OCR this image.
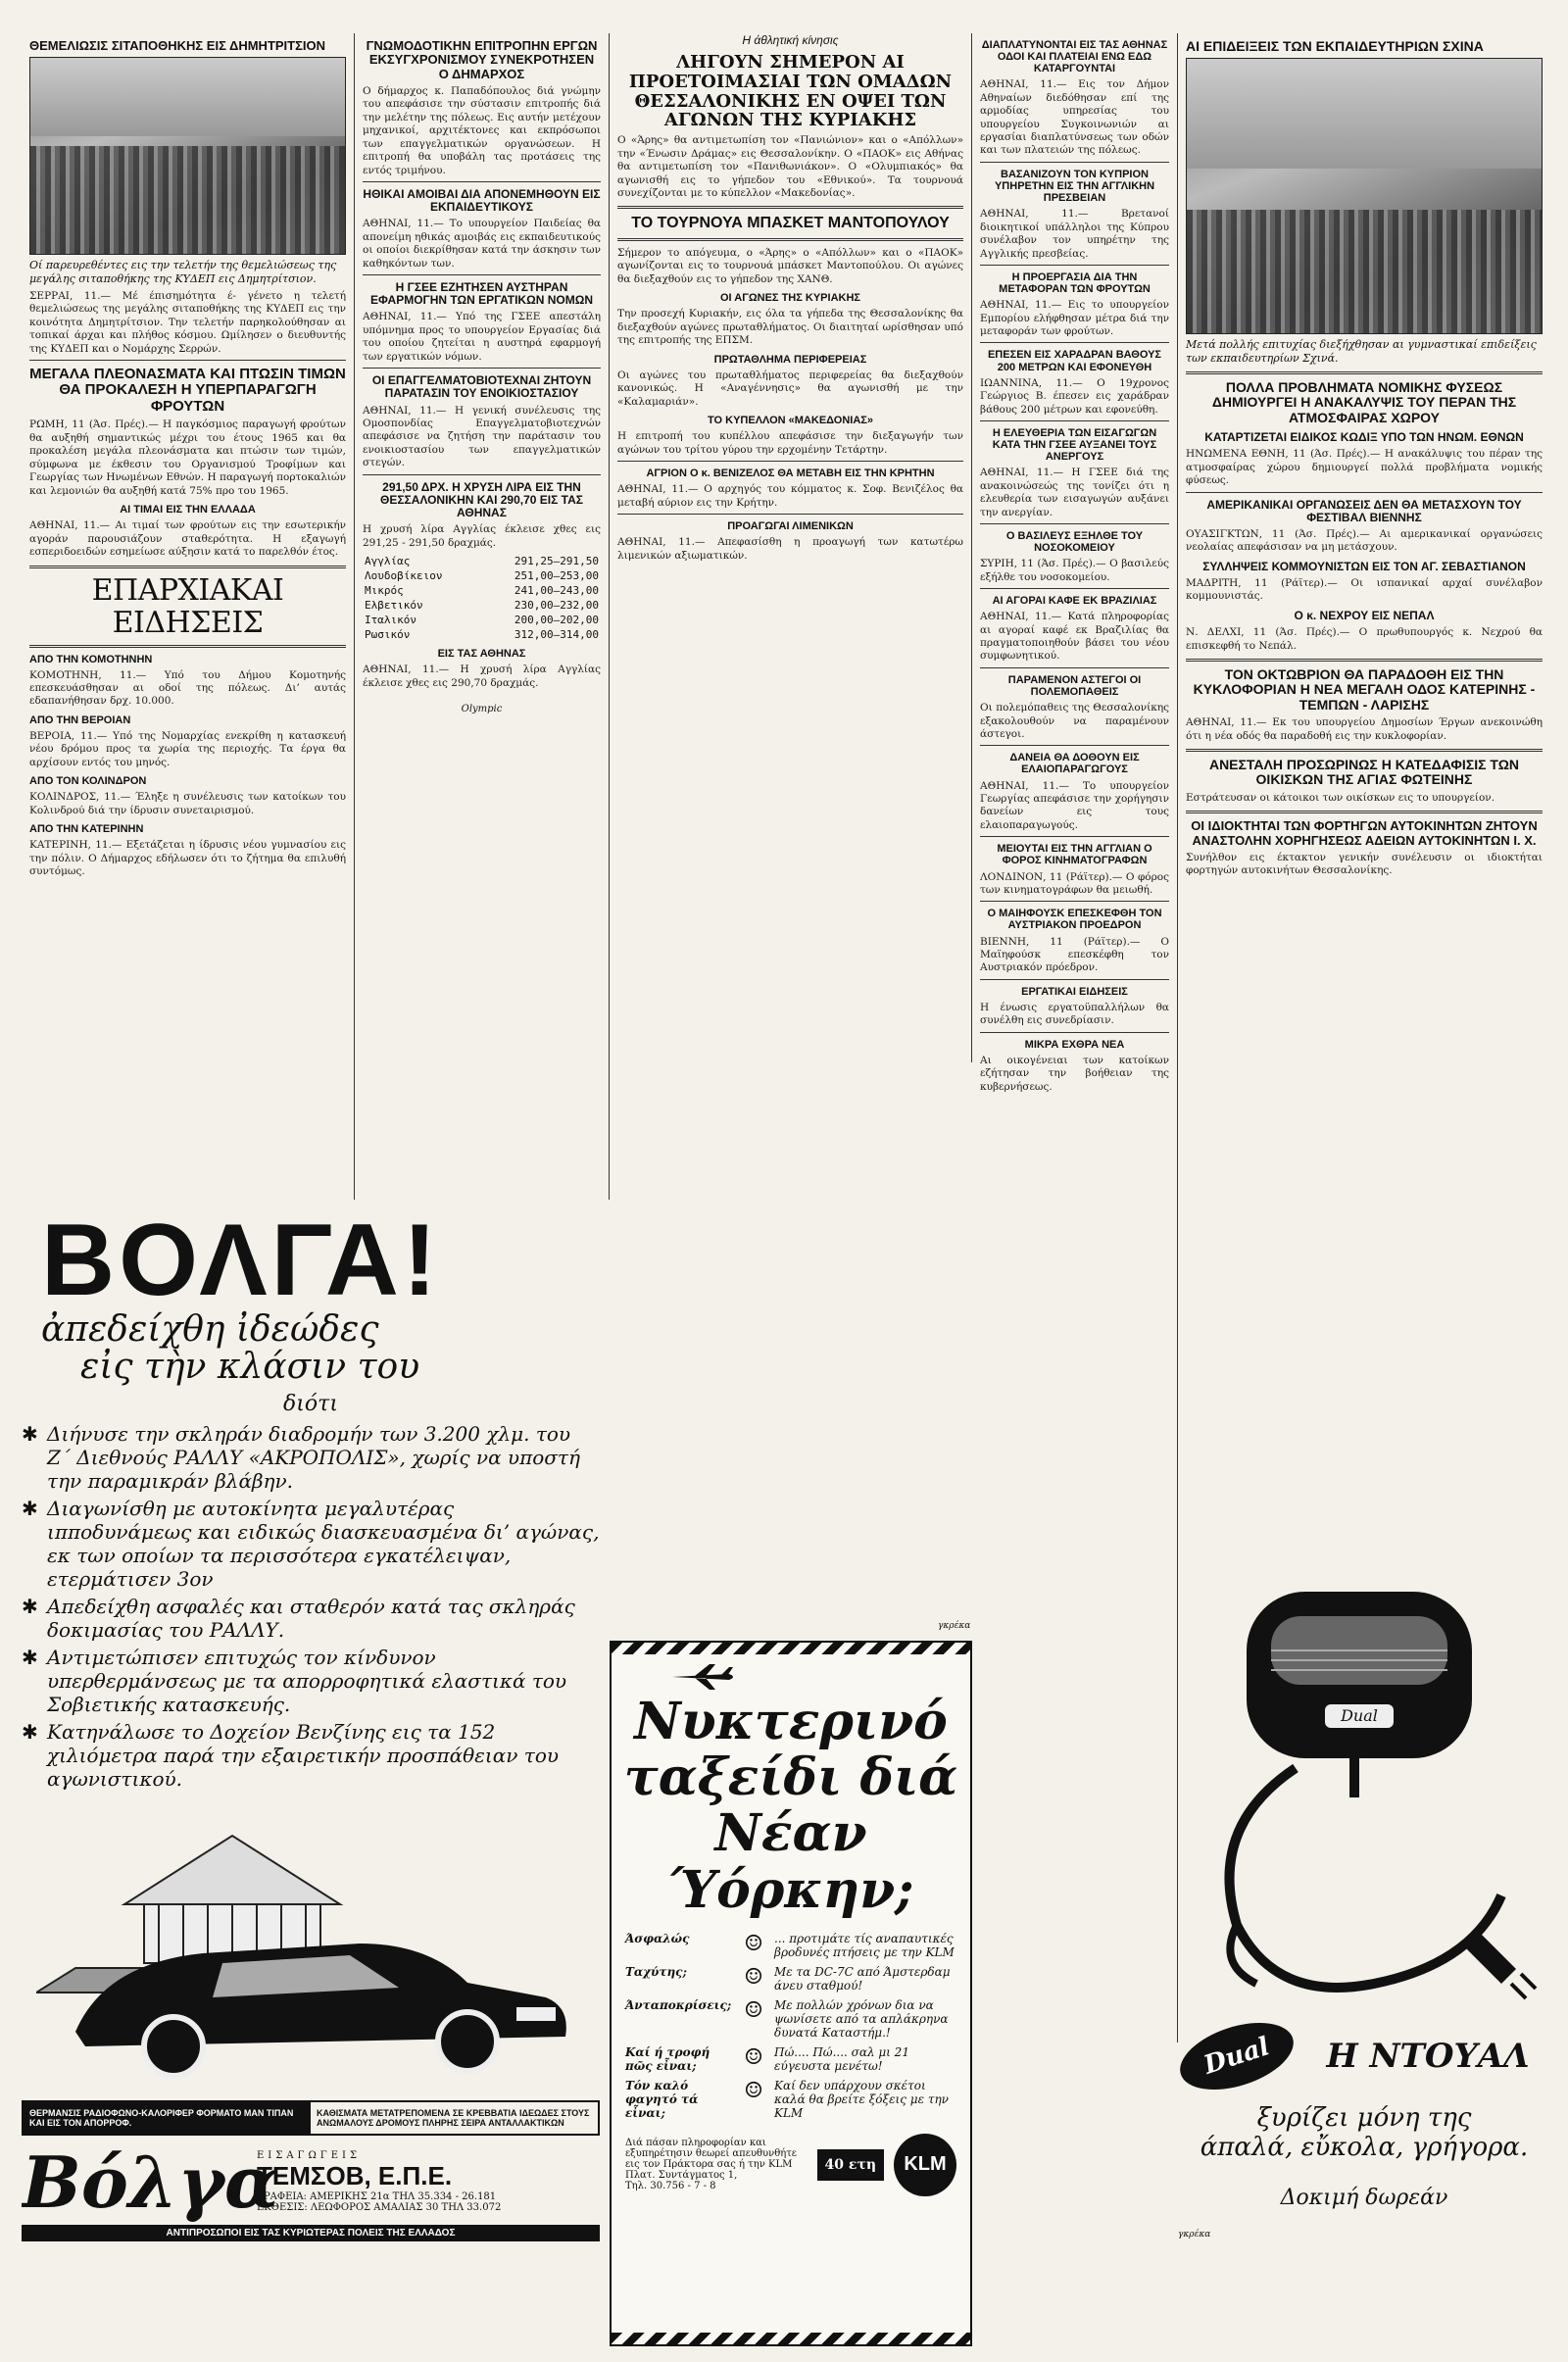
ΘΕΜΕΛΙΩΣΙΣ ΣΙΤΑΠΟΘΗΚΗΣ ΕΙΣ ΔΗΜΗΤΡΙΤΣΙΟΝ
Οί παρευρεθέντες εις την τελετήν της θεμελιώσεως της μεγάλης σιταποθήκης της ΚΥΔΕΠ εις Δημητρίτσιον.
ΣΕΡΡΑΙ, 11.— Μέ έπισημότητα έ- γένετο η τελετή θεμελιώσεως της μεγάλης σιταποθήκης της ΚΥΔΕΠ εις την κοινότητα Δημητρίτσιον. Την τελετήν παρηκολούθησαν αι τοπικαί άρχαι και πλήθος κόσμου. Ωμίλησεν ο διευθυντής της ΚΥΔΕΠ και ο Νομάρχης Σερρών.
ΜΕΓΑΛΑ ΠΛΕΟΝΑΣΜΑΤΑ ΚΑΙ ΠΤΩΣΙΝ ΤΙΜΩΝ ΘΑ ΠΡΟΚΑΛΕΣΗ Η ΥΠΕΡΠΑΡΑΓΩΓΗ ΦΡΟΥΤΩΝ
ΡΩΜΗ, 11 (Άσ. Πρές).— Η παγκόσμιος παραγωγή φρούτων θα αυξηθή σημαντικώς μέχρι του έτους 1965 και θα προκαλέση μεγάλα πλεονάσματα και πτώσιν των τιμών, σύμφωνα με έκθεσιν του Οργανισμού Τροφίμων και Γεωργίας των Ηνωμένων Εθνών. Η παραγωγή πορτοκαλιών και λεμονιών θα αυξηθή κατά 75% προ του 1965.
ΑΙ ΤΙΜΑΙ ΕΙΣ ΤΗΝ ΕΛΛΑΔΑ
ΑΘΗΝΑΙ, 11.— Αι τιμαί των φρούτων εις την εσωτερικήν αγοράν παρουσιάζουν σταθερότητα. Η εξαγωγή εσπεριδοειδών εσημείωσε αύξησιν κατά το παρελθόν έτος.
ΕΠΑΡΧΙΑΚΑΙ ΕΙΔΗΣΕΙΣ
ΑΠΟ ΤΗΝ ΚΟΜΟΤΗΝΗΝ
ΚΟΜΟΤΗΝΗ, 11.— Υπό του Δήμου Κομοτηνής επεσκευάσθησαν αι οδοί της πόλεως. Δι’ αυτάς εδαπανήθησαν δρχ. 10.000.
ΑΠΟ ΤΗΝ ΒΕΡΟΙΑΝ
ΒΕΡΟΙΑ, 11.— Υπό της Νομαρχίας ενεκρίθη η κατασκευή νέου δρόμου προς τα χωρία της περιοχής. Τα έργα θα αρχίσουν εντός του μηνός.
ΑΠΟ ΤΟΝ ΚΟΛΙΝΔΡΟΝ
ΚΟΛΙΝΔΡΟΣ, 11.— Έληξε η συνέλευσις των κατοίκων του Κολινδρού διά την ίδρυσιν συνεταιρισμού.
ΑΠΟ ΤΗΝ ΚΑΤΕΡΙΝΗΝ
ΚΑΤΕΡΙΝΗ, 11.— Εξετάζεται η ίδρυσις νέου γυμνασίου εις την πόλιν. Ο Δήμαρχος εδήλωσεν ότι το ζήτημα θα επιλυθή συντόμως.
ΓΝΩΜΟΔΟΤΙΚΗΝ ΕΠΙΤΡΟΠΗΝ ΕΡΓΩΝ ΕΚΣΥΓΧΡΟΝΙΣΜΟΥ ΣΥΝΕΚΡΟΤΗΣΕΝ Ο ΔΗΜΑΡΧΟΣ
Ο δήμαρχος κ. Παπαδόπουλος διά γνώμην του απεφάσισε την σύστασιν επιτροπής διά την μελέτην της πόλεως. Εις αυτήν μετέχουν μηχανικοί, αρχιτέκτονες και εκπρόσωποι των επαγγελματικών οργανώσεων. Η επιτροπή θα υποβάλη τας προτάσεις της εντός τριμήνου.
ΗΘΙΚΑΙ ΑΜΟΙΒΑΙ ΔΙΑ ΑΠΟΝΕΜΗΘΟΥΝ ΕΙΣ ΕΚΠΑΙΔΕΥΤΙΚΟΥΣ
ΑΘΗΝΑΙ, 11.— Το υπουργείον Παιδείας θα απονείμη ηθικάς αμοιβάς εις εκπαιδευτικούς οι οποίοι διεκρίθησαν κατά την άσκησιν των καθηκόντων των.
Η ΓΣΕΕ ΕΖΗΤΗΣΕΝ ΑΥΣΤΗΡΑΝ ΕΦΑΡΜΟΓΗΝ ΤΩΝ ΕΡΓΑΤΙΚΩΝ ΝΟΜΩΝ
ΑΘΗΝΑΙ, 11.— Υπό της ΓΣΕΕ απεστάλη υπόμνημα προς το υπουργείον Εργασίας διά του οποίου ζητείται η αυστηρά εφαρμογή των εργατικών νόμων.
ΟΙ ΕΠΑΓΓΕΛΜΑΤΟΒΙΟΤΕΧΝΑΙ ΖΗΤΟΥΝ ΠΑΡΑΤΑΣΙΝ ΤΟΥ ΕΝΟΙΚΙΟΣΤΑΣΙΟΥ
ΑΘΗΝΑΙ, 11.— Η γενική συνέλευσις της Ομοσπονδίας Επαγγελματοβιοτεχνών απεφάσισε να ζητήση την παράτασιν του ενοικιοστασίου των επαγγελματικών στεγών.
291,50 ΔΡΧ. Η ΧΡΥΣΗ ΛΙΡΑ ΕΙΣ ΤΗΝ ΘΕΣΣΑΛΟΝΙΚΗΝ ΚΑΙ 290,70 ΕΙΣ ΤΑΣ ΑΘΗΝΑΣ
Η χρυσή λίρα Αγγλίας έκλεισε χθες εις 291,25 - 291,50 δραχμάς.
Αγγλίας	291,25—291,50
Λουδοβίκειον	251,00—253,00
Μικρός	241,00—243,00
Ελβετικόν	230,00—232,00
Ιταλικόν	200,00—202,00
Ρωσικόν	312,00—314,00
ΕΙΣ ΤΑΣ ΑΘΗΝΑΣ
ΑΘΗΝΑΙ, 11.— Η χρυσή λίρα Αγγλίας έκλεισε χθες εις 290,70 δραχμάς.
Olympic
Η άθλητική κίνησις
ΛΗΓΟΥΝ ΣΗΜΕΡΟΝ ΑΙ ΠΡΟΕΤΟΙΜΑΣΙΑΙ ΤΩΝ ΟΜΑΔΩΝ ΘΕΣΣΑΛΟΝΙΚΗΣ ΕΝ ΟΨΕΙ ΤΩΝ ΑΓΩΝΩΝ ΤΗΣ ΚΥΡΙΑΚΗΣ
Ο «Άρης» θα αντιμετωπίση τον «Πανιώνιον» και ο «Απόλλων» την «Ένωσιν Δράμας» εις Θεσσαλονίκην. Ο «ΠΑΟΚ» εις Αθήνας θα αντιμετωπίση τον «Πανιθωνιάκον». Ο «Ολυμπιακός» θα αγωνισθή εις το γήπεδον του «Εθνικού». Τα τουρνουά συνεχίζονται με το κύπελλον «Μακεδονίας».
ΤΟ ΤΟΥΡΝΟΥΑ ΜΠΑΣΚΕΤ ΜΑΝΤΟΠΟΥΛΟΥ
Σήμερον το απόγευμα, ο «Άρης» ο «Απόλλων» και ο «ΠΑΟΚ» αγωνίζονται εις το τουρνουά μπάσκετ Μαντοπούλου. Οι αγώνες θα διεξαχθούν εις το γήπεδον της ΧΑΝΘ.
ΟΙ ΑΓΩΝΕΣ ΤΗΣ ΚΥΡΙΑΚΗΣ
Την προσεχή Κυριακήν, εις όλα τα γήπεδα της Θεσσαλονίκης θα διεξαχθούν αγώνες πρωταθλήματος. Οι διαιτηταί ωρίσθησαν υπό της επιτροπής της ΕΠΣΜ.
ΠΡΩΤΑΘΛΗΜΑ ΠΕΡΙΦΕΡΕΙΑΣ
Οι αγώνες του πρωταθλήματος περιφερείας θα διεξαχθούν κανονικώς. Η «Αναγέννησις» θα αγωνισθή με την «Καλαμαριάν».
ΤΟ ΚΥΠΕΛΛΟΝ «ΜΑΚΕΔΟΝΙΑΣ»
Η επιτροπή του κυπέλλου απεφάσισε την διεξαγωγήν των αγώνων του τρίτου γύρου την ερχομένην Τετάρτην.
ΑΓΡΙΟΝ Ο κ. ΒΕΝΙΖΕΛΟΣ ΘΑ ΜΕΤΑΒΗ ΕΙΣ ΤΗΝ ΚΡΗΤΗΝ
ΑΘΗΝΑΙ, 11.— Ο αρχηγός του κόμματος κ. Σοφ. Βενιζέλος θα μεταβή αύριον εις την Κρήτην.
ΠΡΟΑΓΩΓΑΙ ΛΙΜΕΝΙΚΩΝ
ΑΘΗΝΑΙ, 11.— Απεφασίσθη η προαγωγή των κατωτέρω λιμενικών αξιωματικών.
ΔΙΑΠΛΑΤΥΝΟΝΤΑΙ ΕΙΣ ΤΑΣ ΑΘΗΝΑΣ ΟΔΟΙ ΚΑΙ ΠΛΑΤΕΙΑΙ ΕΝΩ ΕΔΩ ΚΑΤΑΡΓΟΥΝΤΑΙ
ΑΘΗΝΑΙ, 11.— Εις τον Δήμον Αθηναίων διεδόθησαν επί της αρμοδίας υπηρεσίας του υπουργείου Συγκοινωνιών αι εργασίαι διαπλατύνσεως των οδών και των πλατειών της πόλεως.
ΒΑΣΑΝΙΖΟΥΝ ΤΟΝ ΚΥΠΡΙΟΝ ΥΠΗΡΕΤΗΝ ΕΙΣ ΤΗΝ ΑΓΓΛΙΚΗΝ ΠΡΕΣΒΕΙΑΝ
ΑΘΗΝΑΙ, 11.— Βρετανοί διοικητικοί υπάλληλοι της Κύπρου συνέλαβον τον υπηρέτην της Αγγλικής πρεσβείας.
Η ΠΡΟΕΡΓΑΣΙΑ ΔΙΑ ΤΗΝ ΜΕΤΑΦΟΡΑΝ ΤΩΝ ΦΡΟΥΤΩΝ
ΑΘΗΝΑΙ, 11.— Εις το υπουργείον Εμπορίου ελήφθησαν μέτρα διά την μεταφοράν των φρούτων.
ΕΠΕΣΕΝ ΕΙΣ ΧΑΡΑΔΡΑΝ ΒΑΘΟΥΣ 200 ΜΕΤΡΩΝ ΚΑΙ ΕΦΟΝΕΥΘΗ
ΙΩΑΝΝΙΝΑ, 11.— Ο 19χρονος Γεώργιος Β. έπεσεν εις χαράδραν βάθους 200 μέτρων και εφονεύθη.
Η ΕΛΕΥΘΕΡΙΑ ΤΩΝ ΕΙΣΑΓΩΓΩΝ ΚΑΤΑ ΤΗΝ ΓΣΕΕ ΑΥΞΑΝΕΙ ΤΟΥΣ ΑΝΕΡΓΟΥΣ
ΑΘΗΝΑΙ, 11.— Η ΓΣΕΕ διά της ανακοινώσεώς της τονίζει ότι η ελευθερία των εισαγωγών αυξάνει την ανεργίαν.
Ο ΒΑΣΙΛΕΥΣ ΕΞΗΛΘΕ ΤΟΥ ΝΟΣΟΚΟΜΕΙΟΥ
ΣΥΡΙΗ, 11 (Άσ. Πρές).— Ο βασιλεύς εξήλθε του νοσοκομείου.
ΑΙ ΑΓΟΡΑΙ ΚΑΦΕ ΕΚ ΒΡΑΖΙΛΙΑΣ
ΑΘΗΝΑΙ, 11.— Κατά πληροφορίας αι αγοραί καφέ εκ Βραζιλίας θα πραγματοποιηθούν βάσει του νέου συμφωνητικού.
ΠΑΡΑΜΕΝΟΝ ΑΣΤΕΓΟΙ ΟΙ ΠΟΛΕΜΟΠΑΘΕΙΣ
Οι πολεμόπαθεις της Θεσσαλονίκης εξακολουθούν να παραμένουν άστεγοι.
ΔΑΝΕΙΑ ΘΑ ΔΟΘΟΥΝ ΕΙΣ ΕΛΑΙΟΠΑΡΑΓΩΓΟΥΣ
ΑΘΗΝΑΙ, 11.— Το υπουργείον Γεωργίας απεφάσισε την χορήγησιν δανείων εις τους ελαιοπαραγωγούς.
ΜΕΙΟΥΤΑΙ ΕΙΣ ΤΗΝ ΑΓΓΛΙΑΝ Ο ΦΟΡΟΣ ΚΙΝΗΜΑΤΟΓΡΑΦΩΝ
ΛΟΝΔΙΝΟΝ, 11 (Ράϊτερ).— Ο φόρος των κινηματογράφων θα μειωθή.
Ο ΜΑΙΗΦΟΥΣΚ ΕΠΕΣΚΕΦΘΗ ΤΟΝ ΑΥΣΤΡΙΑΚΟΝ ΠΡΟΕΔΡΟΝ
ΒΙΕΝΝΗ, 11 (Ράϊτερ).— Ο Μαϊηφούσκ επεσκέφθη τον Αυστριακόν πρόεδρον.
ΕΡΓΑΤΙΚΑΙ ΕΙΔΗΣΕΙΣ
Η ένωσις εργατοϋπαλλήλων θα συνέλθη εις συνεδρίασιν.
ΜΙΚΡΑ ΕΧΘΡΑ ΝΕΑ
Αι οικογένειαι των κατοίκων εζήτησαν την βοήθειαν της κυβερνήσεως.
ΑΙ ΕΠΙΔΕΙΞΕΙΣ ΤΩΝ ΕΚΠΑΙΔΕΥΤΗΡΙΩΝ ΣΧΙΝΑ
Μετά πολλής επιτυχίας διεξήχθησαν αι γυμναστικαί επιδείξεις των εκπαιδευτηρίων Σχινά.
ΠΟΛΛΑ ΠΡΟΒΛΗΜΑΤΑ ΝΟΜΙΚΗΣ ΦΥΣΕΩΣ ΔΗΜΙΟΥΡΓΕΙ Η ΑΝΑΚΑΛΥΨΙΣ ΤΟΥ ΠΕΡΑΝ ΤΗΣ ΑΤΜΟΣΦΑΙΡΑΣ ΧΩΡΟΥ
ΚΑΤΑΡΤΙΖΕΤΑΙ ΕΙΔΙΚΟΣ ΚΩΔΙΞ ΥΠΟ ΤΩΝ ΗΝΩΜ. ΕΘΝΩΝ
ΗΝΩΜΕΝΑ ΕΘΝΗ, 11 (Άσ. Πρές).— Η ανακάλυψις του πέραν της ατμοσφαίρας χώρου δημιουργεί πολλά προβλήματα νομικής φύσεως.
ΑΜΕΡΙΚΑΝΙΚΑΙ ΟΡΓΑΝΩΣΕΙΣ ΔΕΝ ΘΑ ΜΕΤΑΣΧΟΥΝ ΤΟΥ ΦΕΣΤΙΒΑΛ ΒΙΕΝΝΗΣ
ΟΥΑΣΙΓΚΤΩΝ, 11 (Άσ. Πρές).— Αι αμερικανικαί οργανώσεις νεολαίας απεφάσισαν να μη μετάσχουν.
ΣΥΛΛΗΨΕΙΣ ΚΟΜΜΟΥΝΙΣΤΩΝ ΕΙΣ ΤΟΝ ΑΓ. ΣΕΒΑΣΤΙΑΝΟΝ
ΜΑΔΡΙΤΗ, 11 (Ράϊτερ).— Οι ισπανικαί αρχαί συνέλαβον κομμουνιστάς.
Ο κ. ΝΕΧΡΟΥ ΕΙΣ ΝΕΠΑΛ
Ν. ΔΕΛΧΙ, 11 (Άσ. Πρές).— Ο πρωθυπουργός κ. Νεχρού θα επισκεφθή το Νεπάλ.
ΤΟΝ ΟΚΤΩΒΡΙΟΝ ΘΑ ΠΑΡΑΔΟΘΗ ΕΙΣ ΤΗΝ ΚΥΚΛΟΦΟΡΙΑΝ Η ΝΕΑ ΜΕΓΑΛΗ ΟΔΟΣ ΚΑΤΕΡΙΝΗΣ - ΤΕΜΠΩΝ - ΛΑΡΙΣΗΣ
ΑΘΗΝΑΙ, 11.— Εκ του υπουργείου Δημοσίων Έργων ανεκοινώθη ότι η νέα οδός θα παραδοθή εις την κυκλοφορίαν.
ΑΝΕΣΤΑΛΗ ΠΡΟΣΩΡΙΝΩΣ Η ΚΑΤΕΔΑΦΙΣΙΣ ΤΩΝ ΟΙΚΙΣΚΩΝ ΤΗΣ ΑΓΙΑΣ ΦΩΤΕΙΝΗΣ
Εστράτευσαν οι κάτοικοι των οικίσκων εις το υπουργείον.
ΟΙ ΙΔΙΟΚΤΗΤΑΙ ΤΩΝ ΦΟΡΤΗΓΩΝ ΑΥΤΟΚΙΝΗΤΩΝ ΖΗΤΟΥΝ ΑΝΑΣΤΟΛΗΝ ΧΟΡΗΓΗΣΕΩΣ ΑΔΕΙΩΝ ΑΥΤΟΚΙΝΗΤΩΝ Ι. Χ.
Συνήλθον εις έκτακτον γενικήν συνέλευσιν οι ιδιοκτήται φορτηγών αυτοκινήτων Θεσσαλονίκης.
ΒΟΛΓΑ!
ἀπεδείχθη ἰδεώδες
εἰς τὴν κλάσιν του
διότι
✱ Διήνυσε την σκληράν διαδρομήν των 3.200 χλμ. του Ζ΄ Διεθνούς ΡΑΛΛΥ «ΑΚΡΟΠΟΛΙΣ», χωρίς να υποστή την παραμικράν βλάβην.
✱ Διαγωνίσθη με αυτοκίνητα μεγαλυτέρας ιπποδυνάμεως και ειδικώς διασκευασμένα δι’ αγώνας, εκ των οποίων τα περισσότερα εγκατέλειψαν, ετερμάτισεν 3ον
✱ Απεδείχθη ασφαλές και σταθερόν κατά τας σκληράς δοκιμασίας του ΡΑΛΛΥ.
✱ Αντιμετώπισεν επιτυχώς τον κίνδυνον υπερθερμάνσεως με τα απορροφητικά ελαστικά του Σοβιετικής κατασκευής.
✱ Κατηνάλωσε το Δοχείον Βενζίνης εις τα 152 χιλιόμετρα παρά την εξαιρετικήν προσπάθειαν του αγωνιστικού.
ΘΕΡΜΑΝΣΙΣ ΡΑΔΙΟΦΩΝΟ-ΚΑΛΟΡΙΦΕΡ ΦΟΡΜΑΤΟ ΜΑΝ ΤΙΠΑΝ ΚΑΙ ΕΙΣ ΤΟΝ ΑΠΟΡΡΟΦ.
ΚΑΘΙΣΜΑΤΑ ΜΕΤΑΤΡΕΠΟΜΕΝΑ ΣΕ ΚΡΕΒΒΑΤΙΑ ΙΔΕΩΔΕΣ ΣΤΟΥΣ ΑΝΩΜΑΛΟΥΣ ΔΡΟΜΟΥΣ ΠΛΗΡΗΣ ΣΕΙΡΑ ΑΝΤΑΛΛΑΚΤΙΚΩΝ
Βόλγα
ΕΙΣΑΓΩΓΕΙΣ
ΤΕΜΣΟΒ, Ε.Π.Ε.
ΓΡΑΦΕΙΑ: ΑΜΕΡΙΚΗΣ 21α ΤΗΛ 35.334 - 26.181
ΕΚΘΕΣΙΣ: ΛΕΩΦΟΡΟΣ ΑΜΑΛΙΑΣ 30 ΤΗΛ 33.072
ΑΝΤΙΠΡΟΣΩΠΟΙ ΕΙΣ ΤΑΣ ΚΥΡΙΩΤΕΡΑΣ ΠΟΛΕΙΣ ΤΗΣ ΕΛΛΑΔΟΣ
Νυκτερινό
ταξείδι διά
Νέαν Ύόρκην;
Άσφαλώς	☺ ... προτιμάτε τίς αναπαυτικές βροδυνές πτήσεις με την KLM
Ταχύτης;	☺ Με τα DC-7C από Άμστερδαμ άνευ σταθμού!
Άνταποκρίσεις; ☺ Με πολλών χρόνων δια να ψωνίσετε από τα απλάκρηνα δυνατά Καταστήμ.!
Καί ή τροφή πῶς εἶναι;	☺ Πώ.... Πώ.... σαλ μι 21 εύγευστα μενέτω!
Τόν καλό φαγητό τά εἶναι;
☺ Καί δεν υπάρχουν σκέτοι καλά θα βρείτε ξόξεις με την KLM
Διά πάσαν πληροφορίαν και εξυπηρέτησιν θεωρεί απευθυνθήτε εις τον Πράκτορα σας ή την KLM
Πλατ. Συντάγματος 1,
Τηλ. 30.756 - 7 - 8
40 ετη	KLM
γκρέκα
Dual
Dual	Η ΝΤΟΥΑΛ
ξυρίζει μόνη της
άπαλά, εὔκολα, γρήγορα.
Δοκιμή δωρεάν
γκρέκα
